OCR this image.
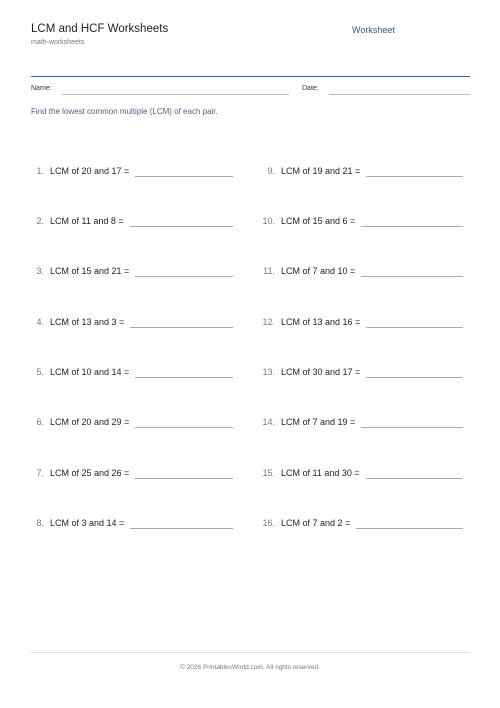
LCM and HCF Worksheets
math-worksheets
Worksheet
Name:	Date:
Find the lowest common multiple (LCM) of each pair.
1. LCM of 20 and 17 =
2. LCM of 11 and 8 =
3. LCM of 15 and 21 =
4. LCM of 13 and 3 =
5. LCM of 10 and 14 =
6. LCM of 20 and 29 =
7. LCM of 25 and 26 =
8. LCM of 3 and 14 =
9. LCM of 19 and 21 =
10. LCM of 15 and 6 =
11. LCM of 7 and 10 =
12. LCM of 13 and 16 =
13. LCM of 30 and 17 =
14. LCM of 7 and 19 =
15. LCM of 11 and 30 =
16. LCM of 7 and 2 =
© 2026 PrintablesWorld.com. All rights reserved.
